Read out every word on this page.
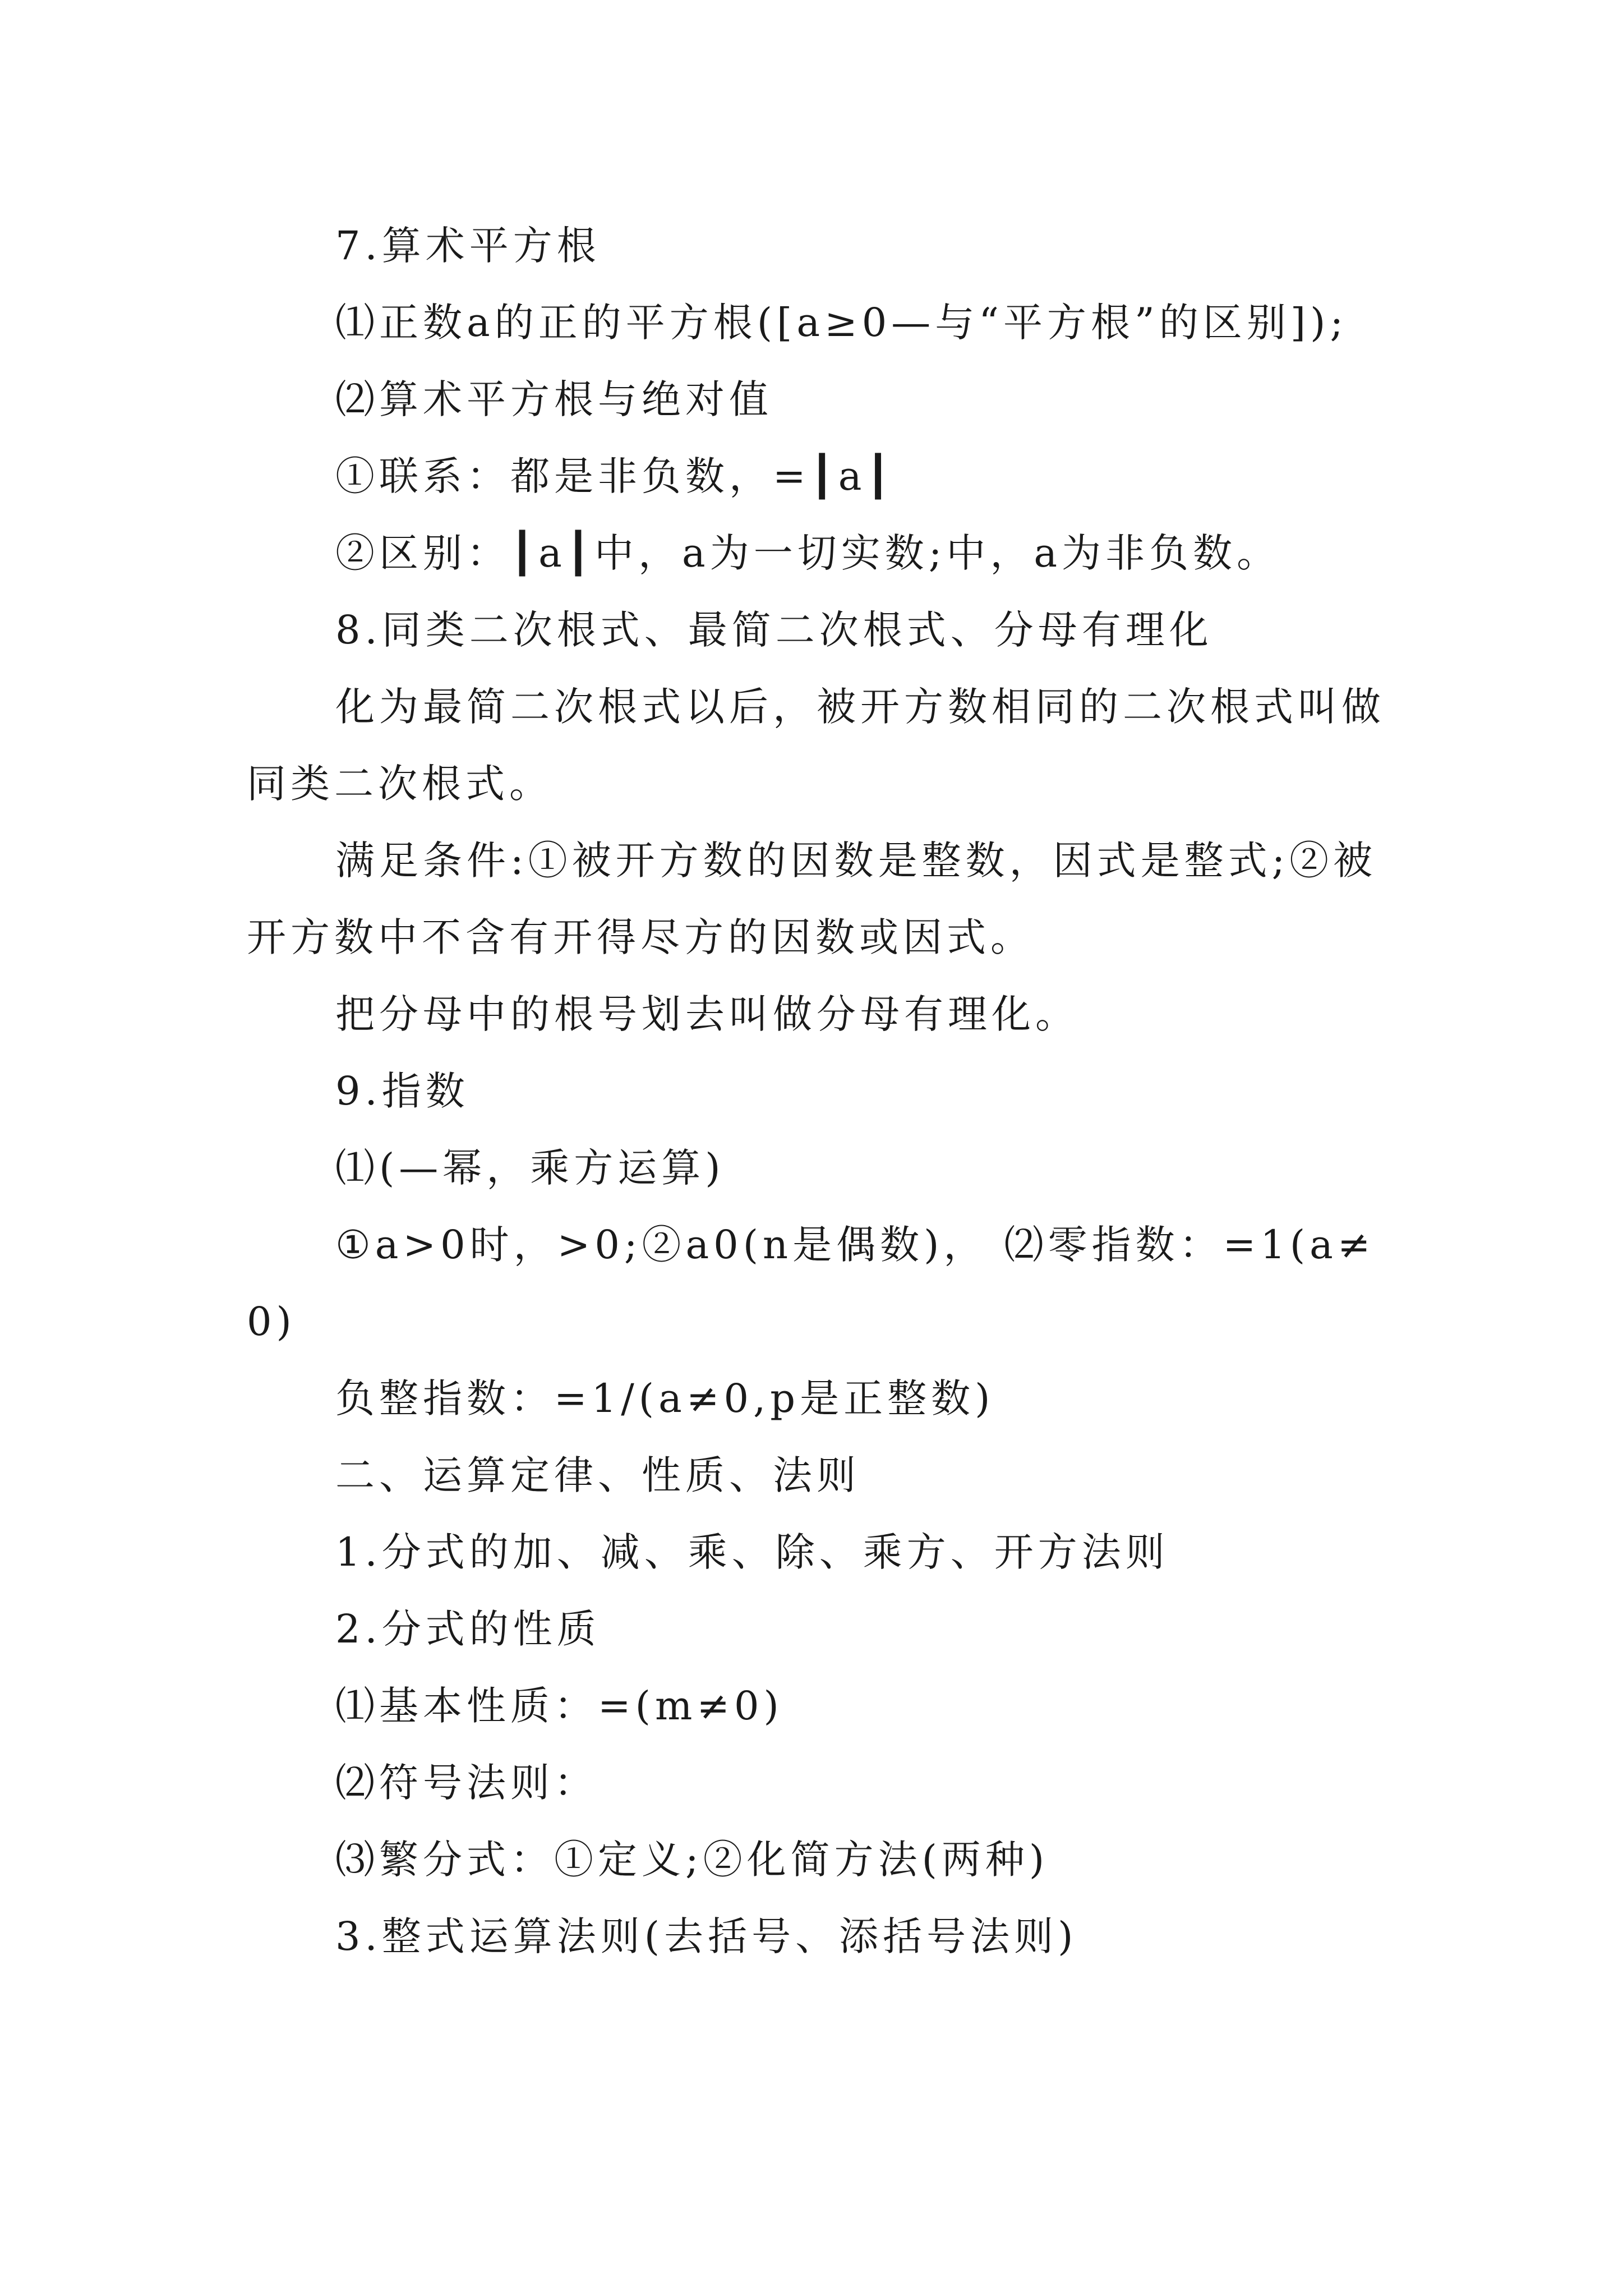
7.算术平方根

⑴正数a的正的平方根([a≥0—与“平方根”的区别]);

⑵算术平方根与绝对值

①联系：都是非负数，=┃a┃

②区别：┃a┃中，a为一切实数;中，a为非负数。

8.同类二次根式、最简二次根式、分母有理化

化为最简二次根式以后，被开方数相同的二次根式叫做同类二次根式。

满足条件:①被开方数的因数是整数，因式是整式;②被开方数中不含有开得尽方的因数或因式。

把分母中的根号划去叫做分母有理化。

9.指数

⑴(—幂，乘方运算)

①a>0时，>0;②a0(n是偶数)， ⑵零指数：=1(a≠0)

负整指数：=1/(a≠0,p是正整数)

二、运算定律、性质、法则

1.分式的加、减、乘、除、乘方、开方法则

2.分式的性质

⑴基本性质：=(m≠0)

⑵符号法则：

⑶繁分式：①定义;②化简方法(两种)

3.整式运算法则(去括号、添括号法则)
